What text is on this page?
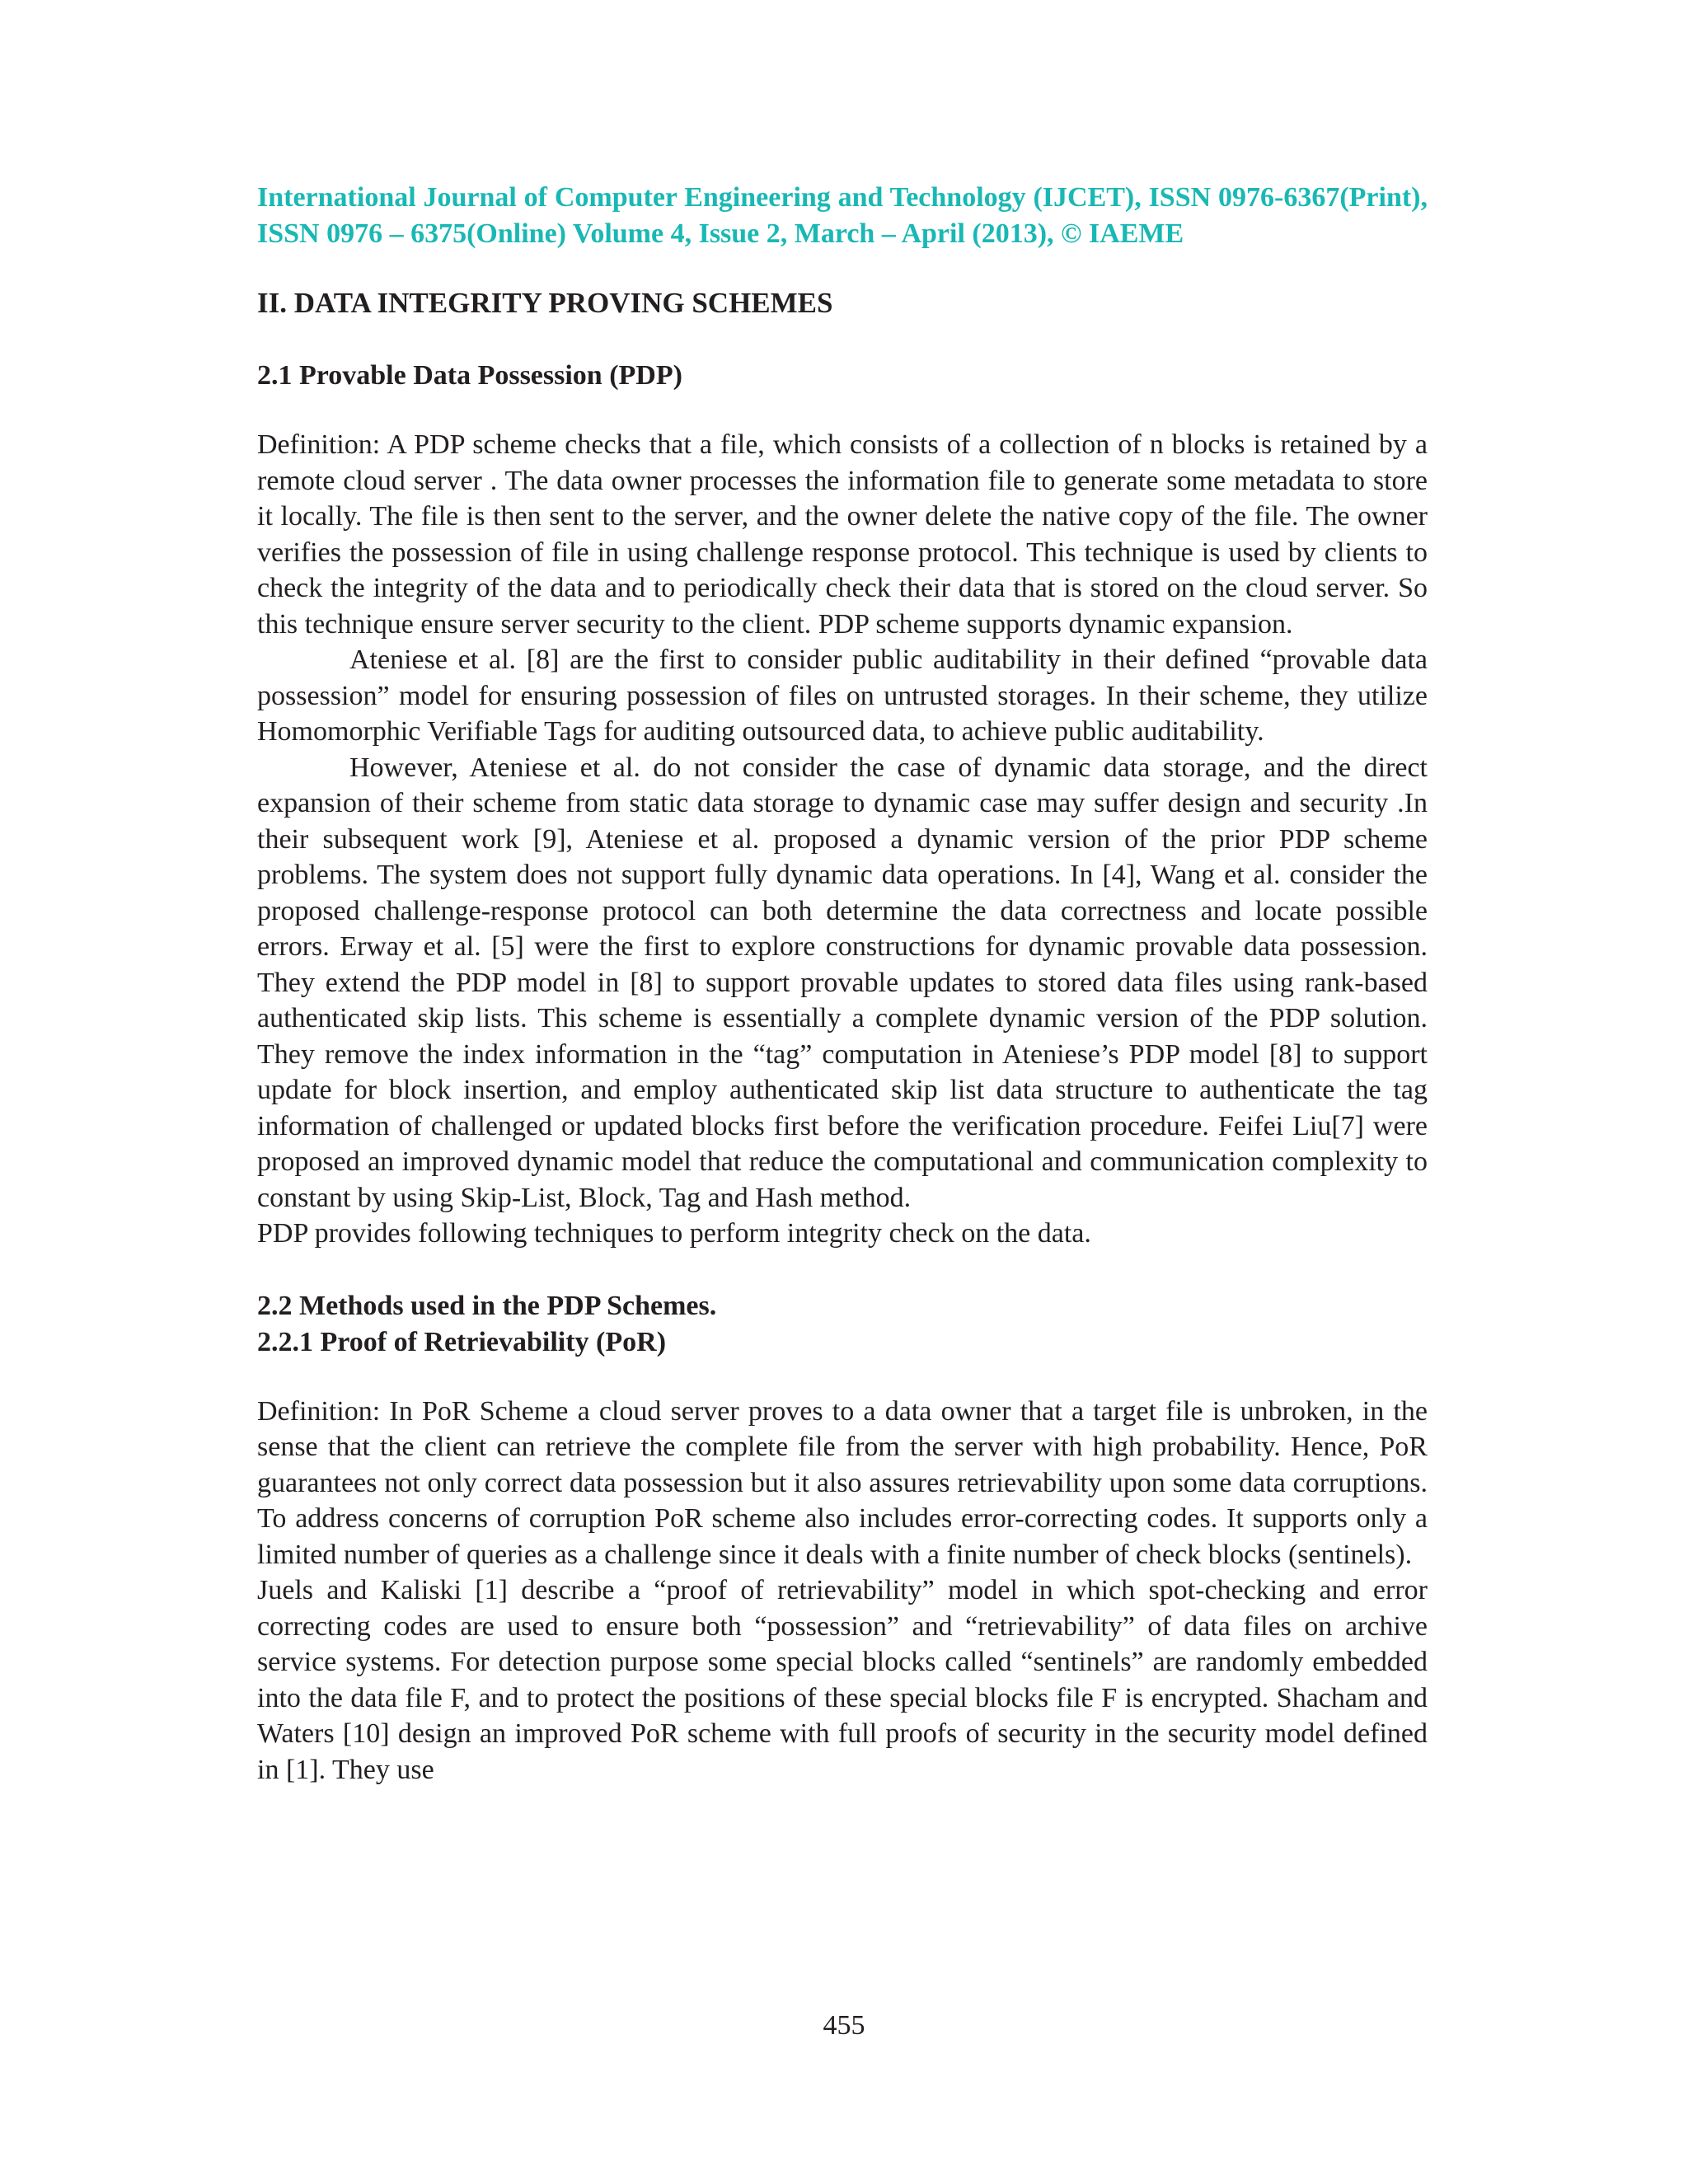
International Journal of Computer Engineering and Technology (IJCET), ISSN 0976-6367(Print), ISSN 0976 – 6375(Online) Volume 4, Issue 2, March – April (2013), © IAEME

II. DATA INTEGRITY PROVING SCHEMES
2.1 Provable Data Possession (PDP)

Definition: A PDP scheme checks that a file, which consists of a collection of n blocks is retained by a remote cloud server . The data owner processes the information file to generate some metadata to store it locally. The file is then sent to the server, and the owner delete the native copy of the file. The owner verifies the possession of file in using challenge response protocol. This technique is used by clients to check the integrity of the data and to periodically check their data that is stored on the cloud server. So this technique ensure server security to the client. PDP scheme supports dynamic expansion.

Ateniese et al. [8] are the first to consider public auditability in their defined “provable data possession” model for ensuring possession of files on untrusted storages. In their scheme, they utilize Homomorphic Verifiable Tags for auditing outsourced data, to achieve public auditability.

However, Ateniese et al. do not consider the case of dynamic data storage, and the direct expansion of their scheme from static data storage to dynamic case may suffer design and security .In their subsequent work [9], Ateniese et al. proposed a dynamic version of the prior PDP scheme problems. The system does not support fully dynamic data operations. In [4], Wang et al. consider the proposed challenge-response protocol can both determine the data correctness and locate possible errors. Erway et al. [5] were the first to explore constructions for dynamic provable data possession. They extend the PDP model in [8] to support provable updates to stored data files using rank-based authenticated skip lists. This scheme is essentially a complete dynamic version of the PDP solution. They remove the index information in the “tag” computation in Ateniese’s PDP model [8] to support update for block insertion, and employ authenticated skip list data structure to authenticate the tag information of challenged or updated blocks first before the verification procedure. Feifei Liu[7] were proposed an improved dynamic model that reduce the computational and communication complexity to constant by using Skip-List, Block, Tag and Hash method.

PDP provides following techniques to perform integrity check on the data.

2.2 Methods used in the PDP Schemes.
2.2.1 Proof of Retrievability (PoR)

Definition: In PoR Scheme a cloud server proves to a data owner that a target file is unbroken, in the sense that the client can retrieve the complete file from the server with high probability. Hence, PoR guarantees not only correct data possession but it also assures retrievability upon some data corruptions. To address concerns of corruption PoR scheme also includes error-correcting codes. It supports only a limited number of queries as a challenge since it deals with a finite number of check blocks (sentinels).

Juels and Kaliski [1] describe a “proof of retrievability” model in which spot-checking and error correcting codes are used to ensure both “possession” and “retrievability” of data files on archive service systems. For detection purpose some special blocks called “sentinels” are randomly embedded into the data file F, and to protect the positions of these special blocks file F is encrypted. Shacham and Waters [10] design an improved PoR scheme with full proofs of security in the security model defined in [1]. They use

455
